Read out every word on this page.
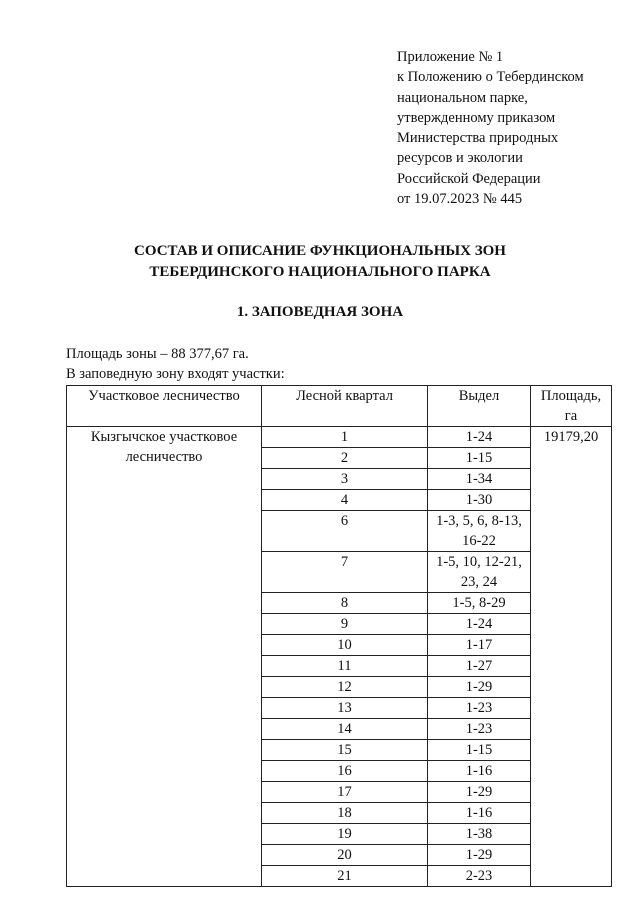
Приложение № 1
к Положению о Тебердинском
национальном парке,
утвержденному приказом
Министерства природных
ресурсов и экологии
Российской Федерации
от 19.07.2023 № 445
СОСТАВ И ОПИСАНИЕ ФУНКЦИОНАЛЬНЫХ ЗОН
ТЕБЕРДИНСКОГО НАЦИОНАЛЬНОГО ПАРКА
1. ЗАПОВЕДНАЯ ЗОНА
Площадь зоны – 88 377,67 га.
В заповедную зону входят участки:
Участковое лесничество	Лесной квартал	Выдел	Площадь, га
Кызгычское участковое лесничество	1	1-24	19179,20
	2	1-15	
	3	1-34	
	4	1-30	
	6	1-3, 5, 6, 8-13, 16-22	
	7	1-5, 10, 12-21, 23, 24	
	8	1-5, 8-29	
	9	1-24	
	10	1-17	
	11	1-27	
	12	1-29	
	13	1-23	
	14	1-23	
	15	1-15	
	16	1-16	
	17	1-29	
	18	1-16	
	19	1-38	
	20	1-29	
	21	2-23	
